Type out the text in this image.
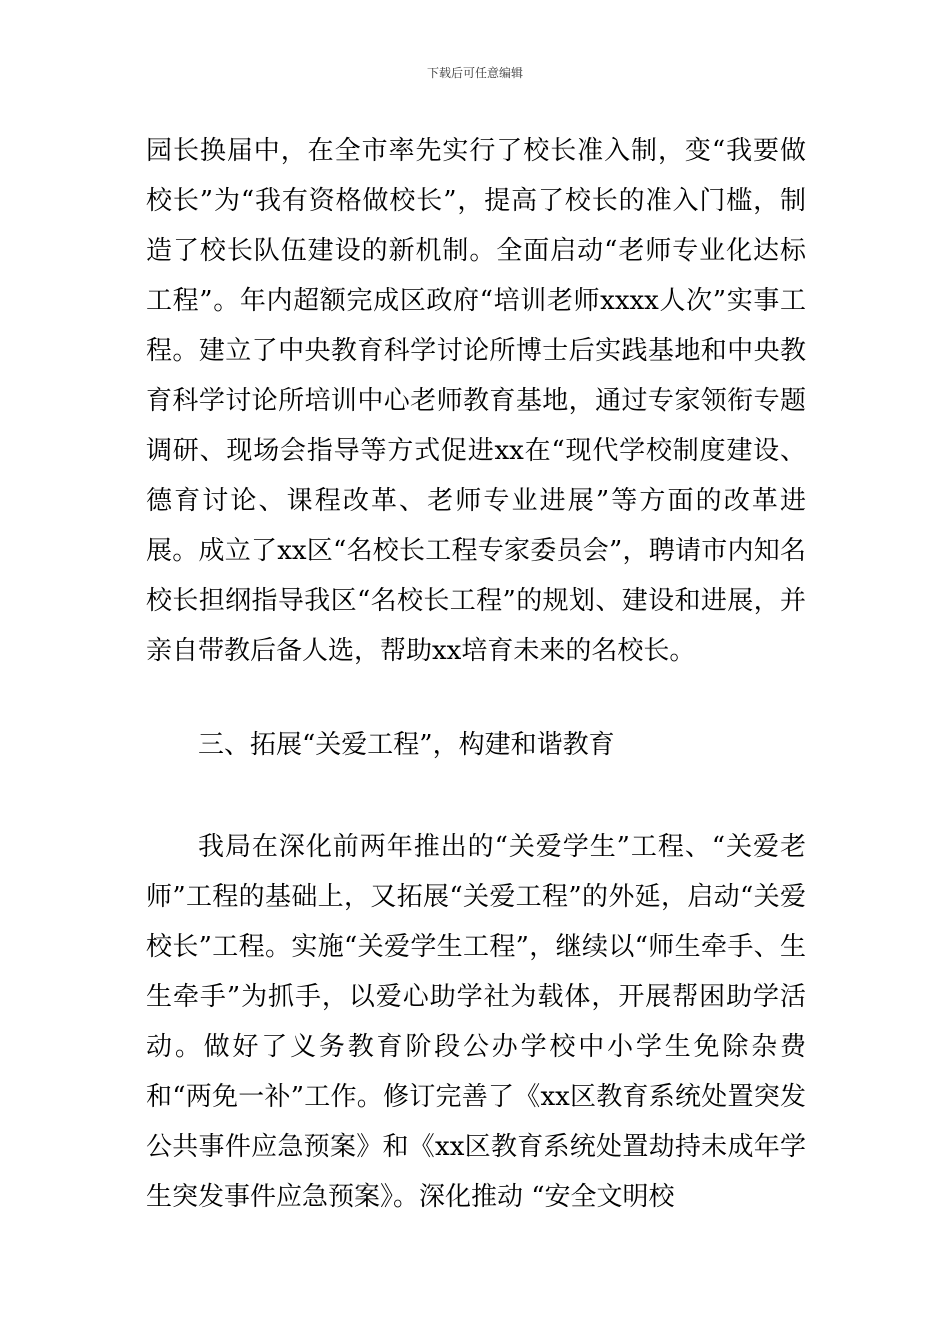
下载后可任意编辑

园长换届中，在全市率先实行了校长准入制，变“我要做校长”为“我有资格做校长”，提高了校长的准入门槛，制造了校长队伍建设的新机制。全面启动“老师专业化达标工程”。年内超额完成区政府“培训老师xxxx人次”实事工程。建立了中央教育科学讨论所博士后实践基地和中央教育科学讨论所培训中心老师教育基地，通过专家领衔专题调研、现场会指导等方式促进xx在“现代学校制度建设、德育讨论、课程改革、老师专业进展”等方面的改革进展。成立了xx区“名校长工程专家委员会”，聘请市内知名校长担纲指导我区“名校长工程”的规划、建设和进展，并亲自带教后备人选，帮助xx培育未来的名校长。

三、拓展“关爱工程”，构建和谐教育

我局在深化前两年推出的“关爱学生”工程、“关爱老师”工程的基础上，又拓展“关爱工程”的外延，启动“关爱校长”工程。实施“关爱学生工程”，继续以“师生牵手、生生牵手”为抓手，以爱心助学社为载体，开展帮困助学活动。做好了义务教育阶段公办学校中小学生免除杂费和“两免一补”工作。修订完善了《xx区教育系统处置突发公共事件应急预案》和《xx区教育系统处置劫持未成年学生突发事件应急预案》。深化推动 “安全文明校
